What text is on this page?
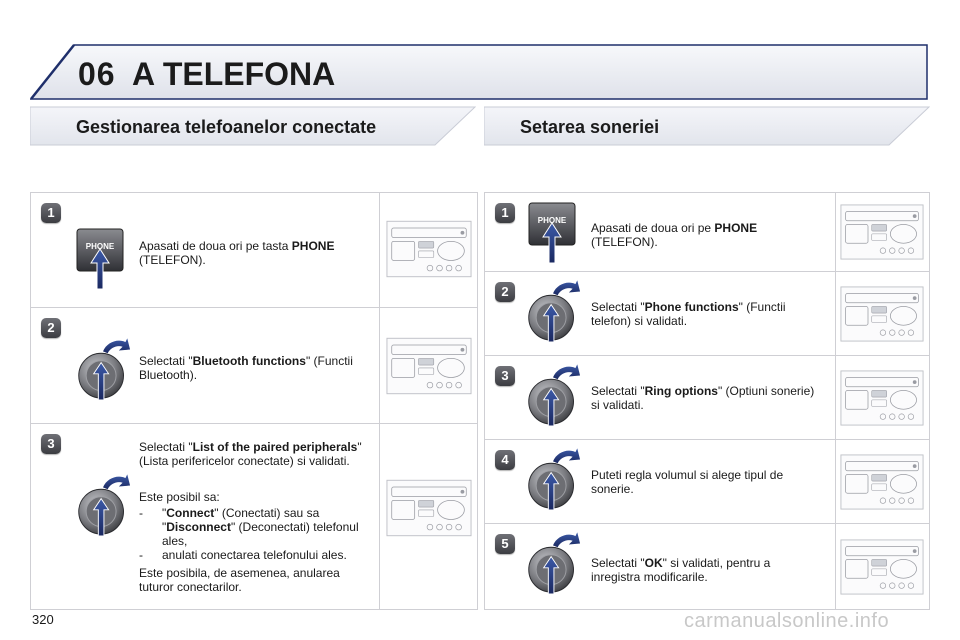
06 A TELEFONA
Gestionarea telefoanelor conectate	Setarea soneriei
1
Apasati de doua ori pe tasta PHONE
(TELEFON).
2
Selectati "Bluetooth functions" (Functii Bluetooth).
3	Selectati "List of the paired peripherals" (Lista perifericelor conectate) si validati.
Este posibil sa:
- "Connect" (Conectati) sau sa "Disconnect" (Deconectati) telefonul ales,
- anulati conectarea telefonului ales.
Este posibila, de asemenea, anularea tuturor conectarilor.
1
Apasati de doua ori pe PHONE
(TELEFON).
2
Selectati "Phone functions" (Functii telefon) si validati.
3
Selectati "Ring options" (Optiuni sonerie) si validati.
4
Puteti regla volumul si alege tipul de sonerie.
5
Selectati "OK" si validati, pentru a inregistra modificarile.
320	carmanualsonline.info
